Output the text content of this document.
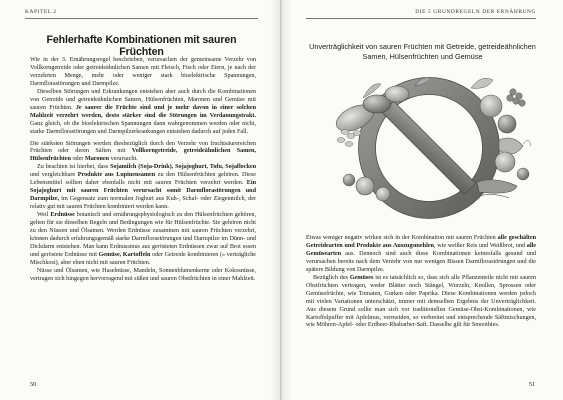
KAPITEL 2
Fehlerhafte Kombinationen mit sauren Früchten

Wie in der 3. Ernährungsregel beschrieben, verursachen der gemeinsame Verzehr von Vollkorngetreide oder getreideähnlichen Samen mit Fleisch, Fisch oder Eiern, je nach der verzehrten Menge, mehr oder weniger stark bioelektrische Spannungen, Darmflorastörungen und Darmpilze.

Dieselben Störungen und Erkrankungen entstehen aber auch durch die Kombinationen von Getreide und getreideähnlichen Samen, Hülsenfrüchten, Maronen und Gemüse mit sauren Früchten. Je saurer die Früchte sind und je mehr davon in einer solchen Mahlzeit verzehrt werden, desto stärker sind die Störungen im Verdauungstrakt. Ganz gleich, ob die bioelektrischen Spannungen dann wahrgenommen werden oder nicht, starke Darmflorastörungen und Darmpilzerkrankungen entstehen dadurch auf jeden Fall.

Die stärksten Störungen werden diesbezüglich durch den Verzehr von fruchtsäurereichen Früchten oder deren Säften mit Vollkorngetreide, getreideähnlichen Samen, Hülsenfrüchten oder Maronen verursacht.

Zu beachten ist hierbei, dass Sojamilch (Soja-Drink), Sojajoghurt, Tofu, Sojaflocken und vergleichbare Produkte aus Lupinensamen zu den Hülsenfrüchten gehören. Diese Lebensmittel sollten daher ebenfalls nicht mit sauren Früchten verzehrt werden. Ein Sojajoghurt mit sauren Früchten verursacht somit Darmflorastörungen und Darmpilze, im Gegensatz zum normalen Joghurt aus Kuh-, Schaf- oder Ziegenmilch, der relativ gut mit sauren Früchten kombiniert werden kann.

Weil Erdnüsse botanisch und ernährungsphysiologisch zu den Hülsenfrüchten gehören, gelten für sie dieselben Regeln und Bedingungen wie für Hülsenfrüchte. Sie gehören nicht zu den Nüssen und Ölsamen. Werden Erdnüsse zusammen mit sauren Früchten verzehrt, können dadurch erfahrungsgemäß starke Darmflorastörungen und Darmpilze im Dünn- und Dickdarm entstehen. Man kann Erdnussmus aus gerösteten Erdnüssen zwar auf Brot essen und geröstete Erdnüsse mit Gemüse, Kartoffeln oder Getreide kombinieren (» verträgliche Mischkost), aber eben nicht mit sauren Früchten.

Nüsse und Ölsamen, wie Haselnüsse, Mandeln, Sonnenblumenkerne oder Kokosnüsse, vertragen sich hingegen hervorragend mit süßen und sauren Obstfrüchten in einer Mahlzeit.

50
DIE 5 GRUNDREGELN DER ERNÄHRUNG
Unverträglichkeit von sauren Früchten mit Getreide, getreideähnlichen Samen, Hülsenfrüchten und Gemüse

Etwas weniger negativ wirken sich in der Kombination mit sauren Früchten alle geschälten Getreidearten und Produkte aus Auszugsmehlen, wie weißer Reis und Weißbrot, und alle Gemüsearten aus. Dennoch sind auch diese Kombinationen keinesfalls gesund und verursachen bereits nach dem Verzehr von nur wenigen Bissen Darmflorastörungen und die spätere Bildung von Darmpilze.

Bezüglich des Gemüses ist es tatsächlich so, dass sich alle Pflanzenteile nicht mit sauren Obstfrüchten vertragen, weder Blätter noch Stängel, Wurzeln, Knollen, Sprossen oder Gemüsefrüchte, wie Tomaten, Gurken oder Paprika. Diese Kombinationen werden jedoch mit vielen Variationen unterschätzt, immer mit demselben Ergebnis der Unverträglichkeit. Aus diesem Grund sollte man sich vor traditionellen Gemüse-Obst-Kombinationen, wie Kartoffelpuffer mit Apfelmus, vermeiden, so verbreitet und entsprechende Säftmischungen, wie Möhren-Apfel- oder Erdbeer-Rhabarber-Saft. Dasselbe gilt für Smoothies.

51
